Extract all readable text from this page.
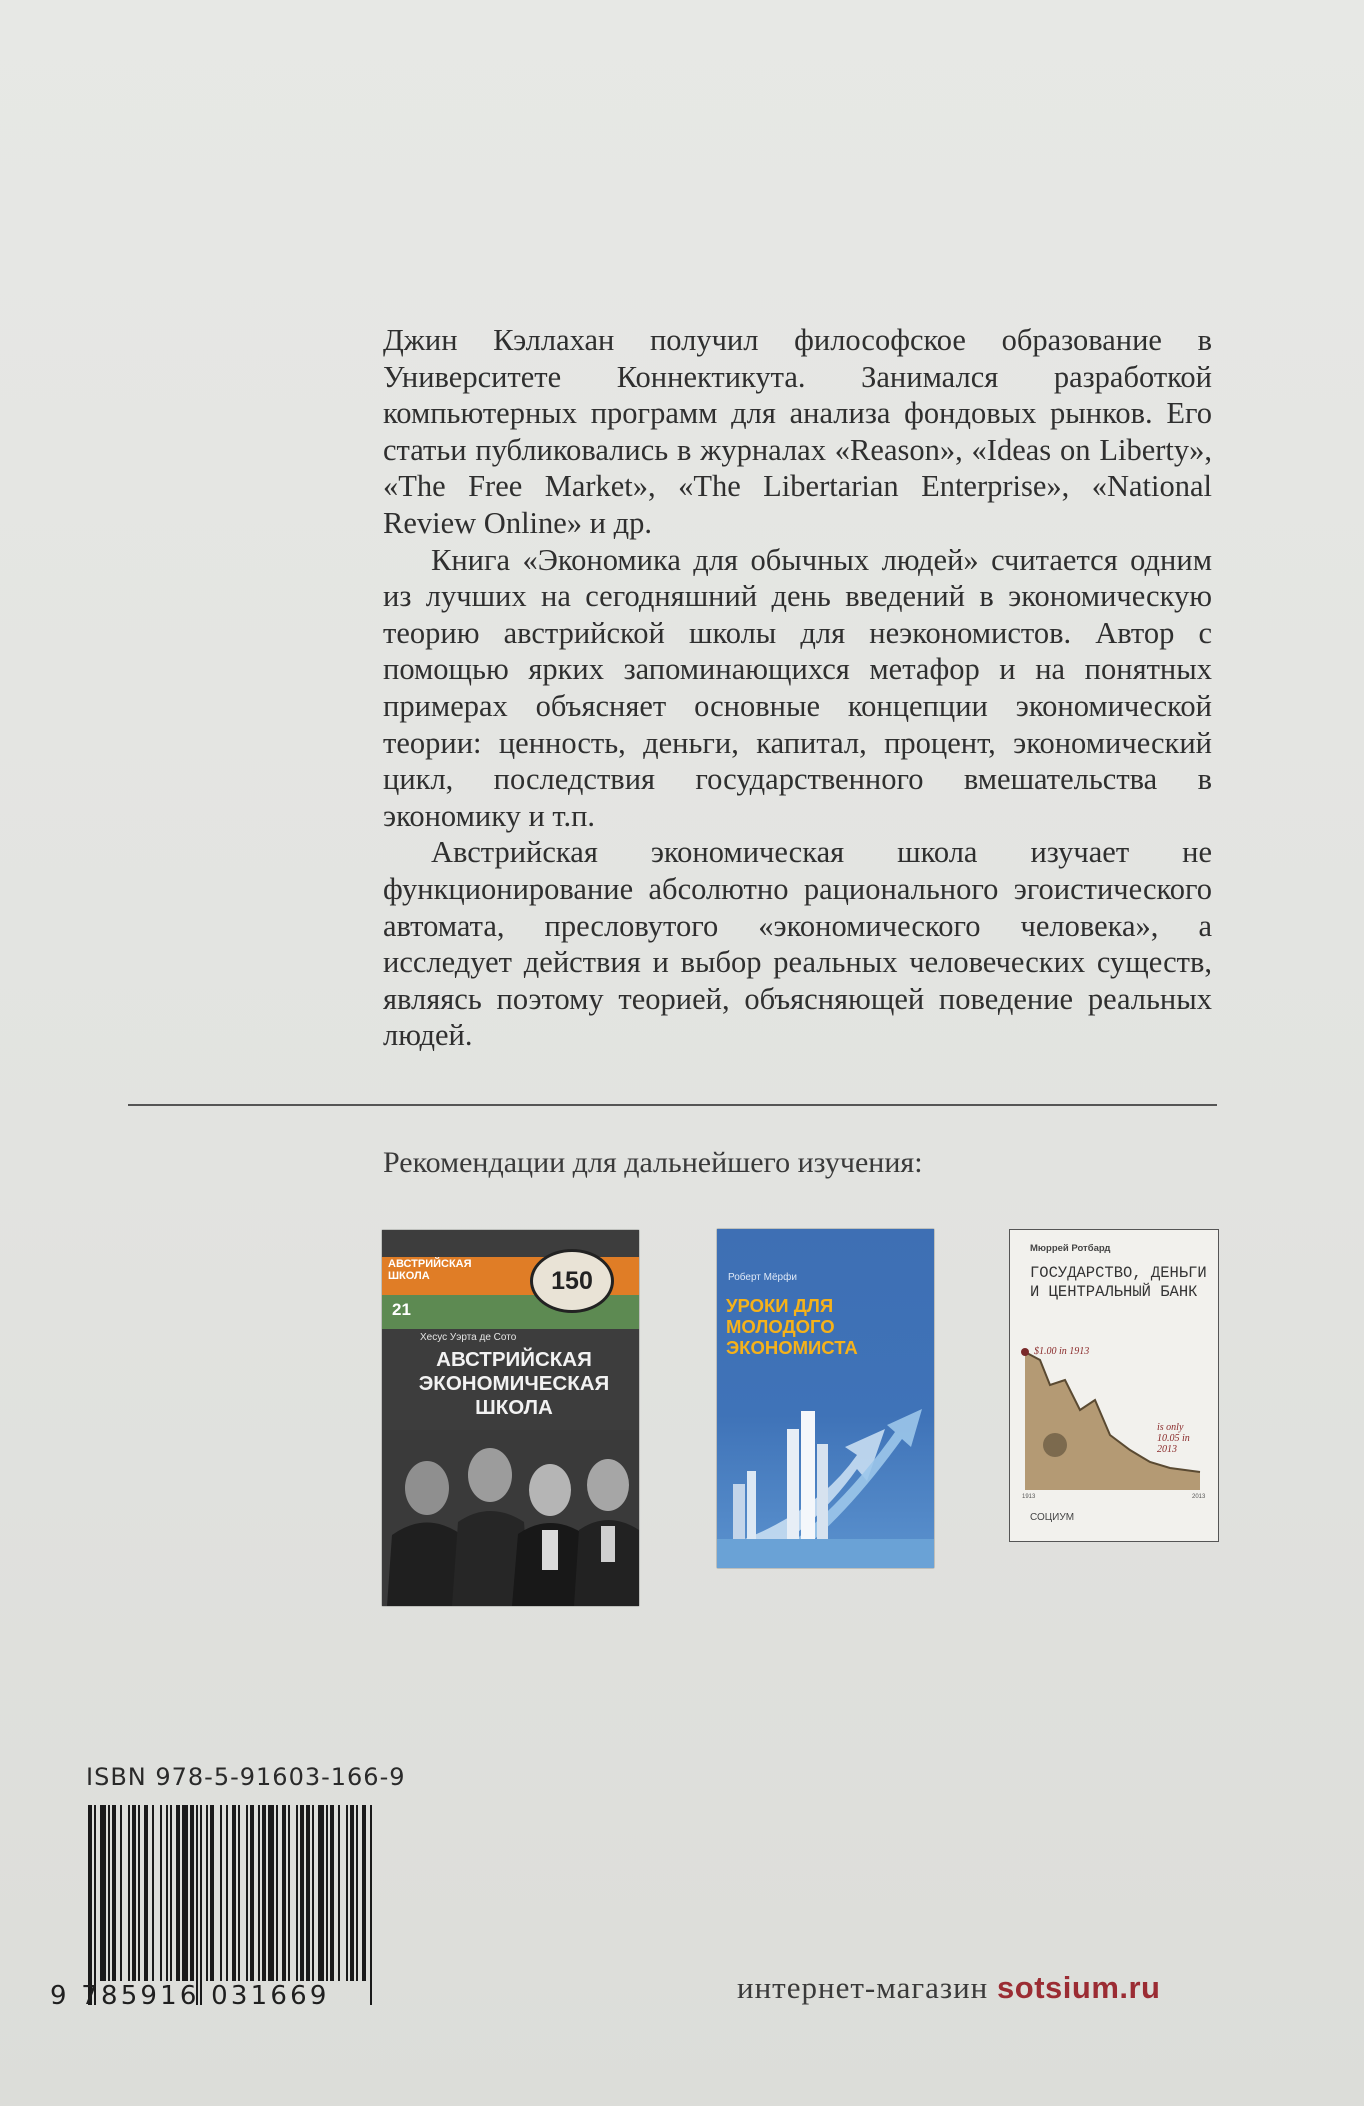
Джин Кэллахан получил философское образование в Университете Коннектикута. Занимался разработкой компьютерных программ для анализа фондовых рынков. Его статьи публиковались в журналах «Reason», «Ideas on Liberty», «The Free Market», «The Libertarian Enterprise», «National Review Online» и др.

Книга «Экономика для обычных людей» считается одним из лучших на сегодняшний день введений в экономическую теорию австрийской школы для неэкономистов. Автор с помощью ярких запоминающихся метафор и на понятных примерах объясняет основные концепции экономической теории: ценность, деньги, капитал, процент, экономический цикл, последствия государственного вмешательства в экономику и т.п.

Австрийская экономическая школа изучает не функционирование абсолютно рационального эгоистического автомата, пресловутого «экономического человека», а исследует действия и выбор реальных человеческих существ, являясь поэтому теорией, объясняющей поведение реальных людей.

Рекомендации для дальнейшего изучения:
АВСТРИЙСКАЯ ШКОЛА
21
150
Хесус Уэрта де Сото
АВСТРИЙСКАЯ ЭКОНОМИЧЕСКАЯ ШКОЛА
Роберт Мёрфи
УРОКИ ДЛЯ МОЛОДОГО ЭКОНОМИСТА
Мюррей Ротбард
ГОСУДАРСТВО, ДЕНЬГИ И ЦЕНТРАЛЬНЫЙ БАНК
$1.00 in 1913
is only 10.05 in 2013
1913	2013
СОЦИУМ
ISBN 978-5-91603-166-9
9 785916 031669	интернет-магазин sotsium.ru
